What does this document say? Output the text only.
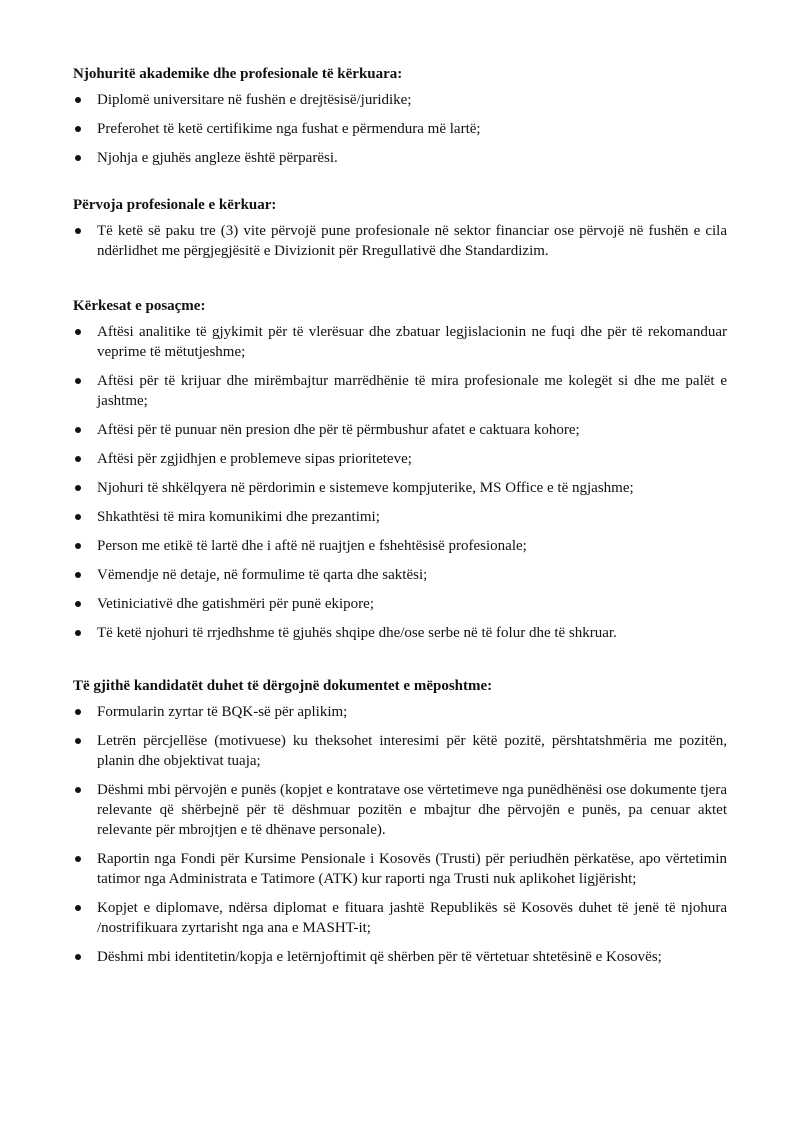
Njohuritë akademike dhe profesionale të kërkuara:

Diplomë universitare në fushën e drejtësisë/juridike;
Preferohet të ketë certifikime nga fushat e përmendura më lartë;
Njohja e gjuhës angleze është përparësi.

Përvoja profesionale e kërkuar:

Të ketë së paku tre (3) vite përvojë pune profesionale në sektor financiar ose përvojë në fushën e cila ndërlidhet me përgjegjësitë e Divizionit për Rregullativë dhe Standardizim.

Kërkesat e posaçme:

Aftësi analitike të gjykimit për të vlerësuar dhe zbatuar legjislacionin ne fuqi dhe për të rekomanduar veprime të mëtutjeshme;
Aftësi për të krijuar dhe mirëmbajtur marrëdhënie të mira profesionale me kolegët si dhe me palët e jashtme;
Aftësi për të punuar nën presion dhe për të përmbushur afatet e caktuara kohore;
Aftësi për zgjidhjen e problemeve sipas prioriteteve;
Njohuri të shkëlqyera në përdorimin e sistemeve kompjuterike, MS Office e të ngjashme;
Shkathtësi të mira komunikimi dhe prezantimi;
Person me etikë të lartë dhe i aftë në ruajtjen e fshehtësisë profesionale;
Vëmendje në detaje, në formulime të qarta dhe saktësi;
Vetiniciativë dhe gatishmëri për punë ekipore;
Të ketë njohuri të rrjedhshme të gjuhës shqipe dhe/ose serbe në të folur dhe të shkruar.

Të gjithë kandidatët duhet të dërgojnë dokumentet e mëposhtme:

Formularin zyrtar të BQK-së për aplikim;
Letrën përcjellëse (motivuese) ku theksohet interesimi për këtë pozitë, përshtatshmëria me pozitën, planin dhe objektivat tuaja;
Dëshmi mbi përvojën e punës (kopjet e kontratave ose vërtetimeve nga punëdhënësi ose dokumente tjera relevante që shërbejnë për të dëshmuar pozitën e mbajtur dhe përvojën e punës, pa cenuar aktet relevante për mbrojtjen e të dhënave personale).
Raportin nga Fondi për Kursime Pensionale i Kosovës (Trusti) për periudhën përkatëse, apo vërtetimin tatimor nga Administrata e Tatimore (ATK) kur raporti nga Trusti nuk aplikohet ligjërisht;
Kopjet e diplomave, ndërsa diplomat e fituara jashtë Republikës së Kosovës duhet të jenë të njohura /nostrifikuara zyrtarisht nga ana e MASHT-it;
Dëshmi mbi identitetin/kopja e letërnjoftimit që shërben për të vërtetuar shtetësinë e Kosovës;
